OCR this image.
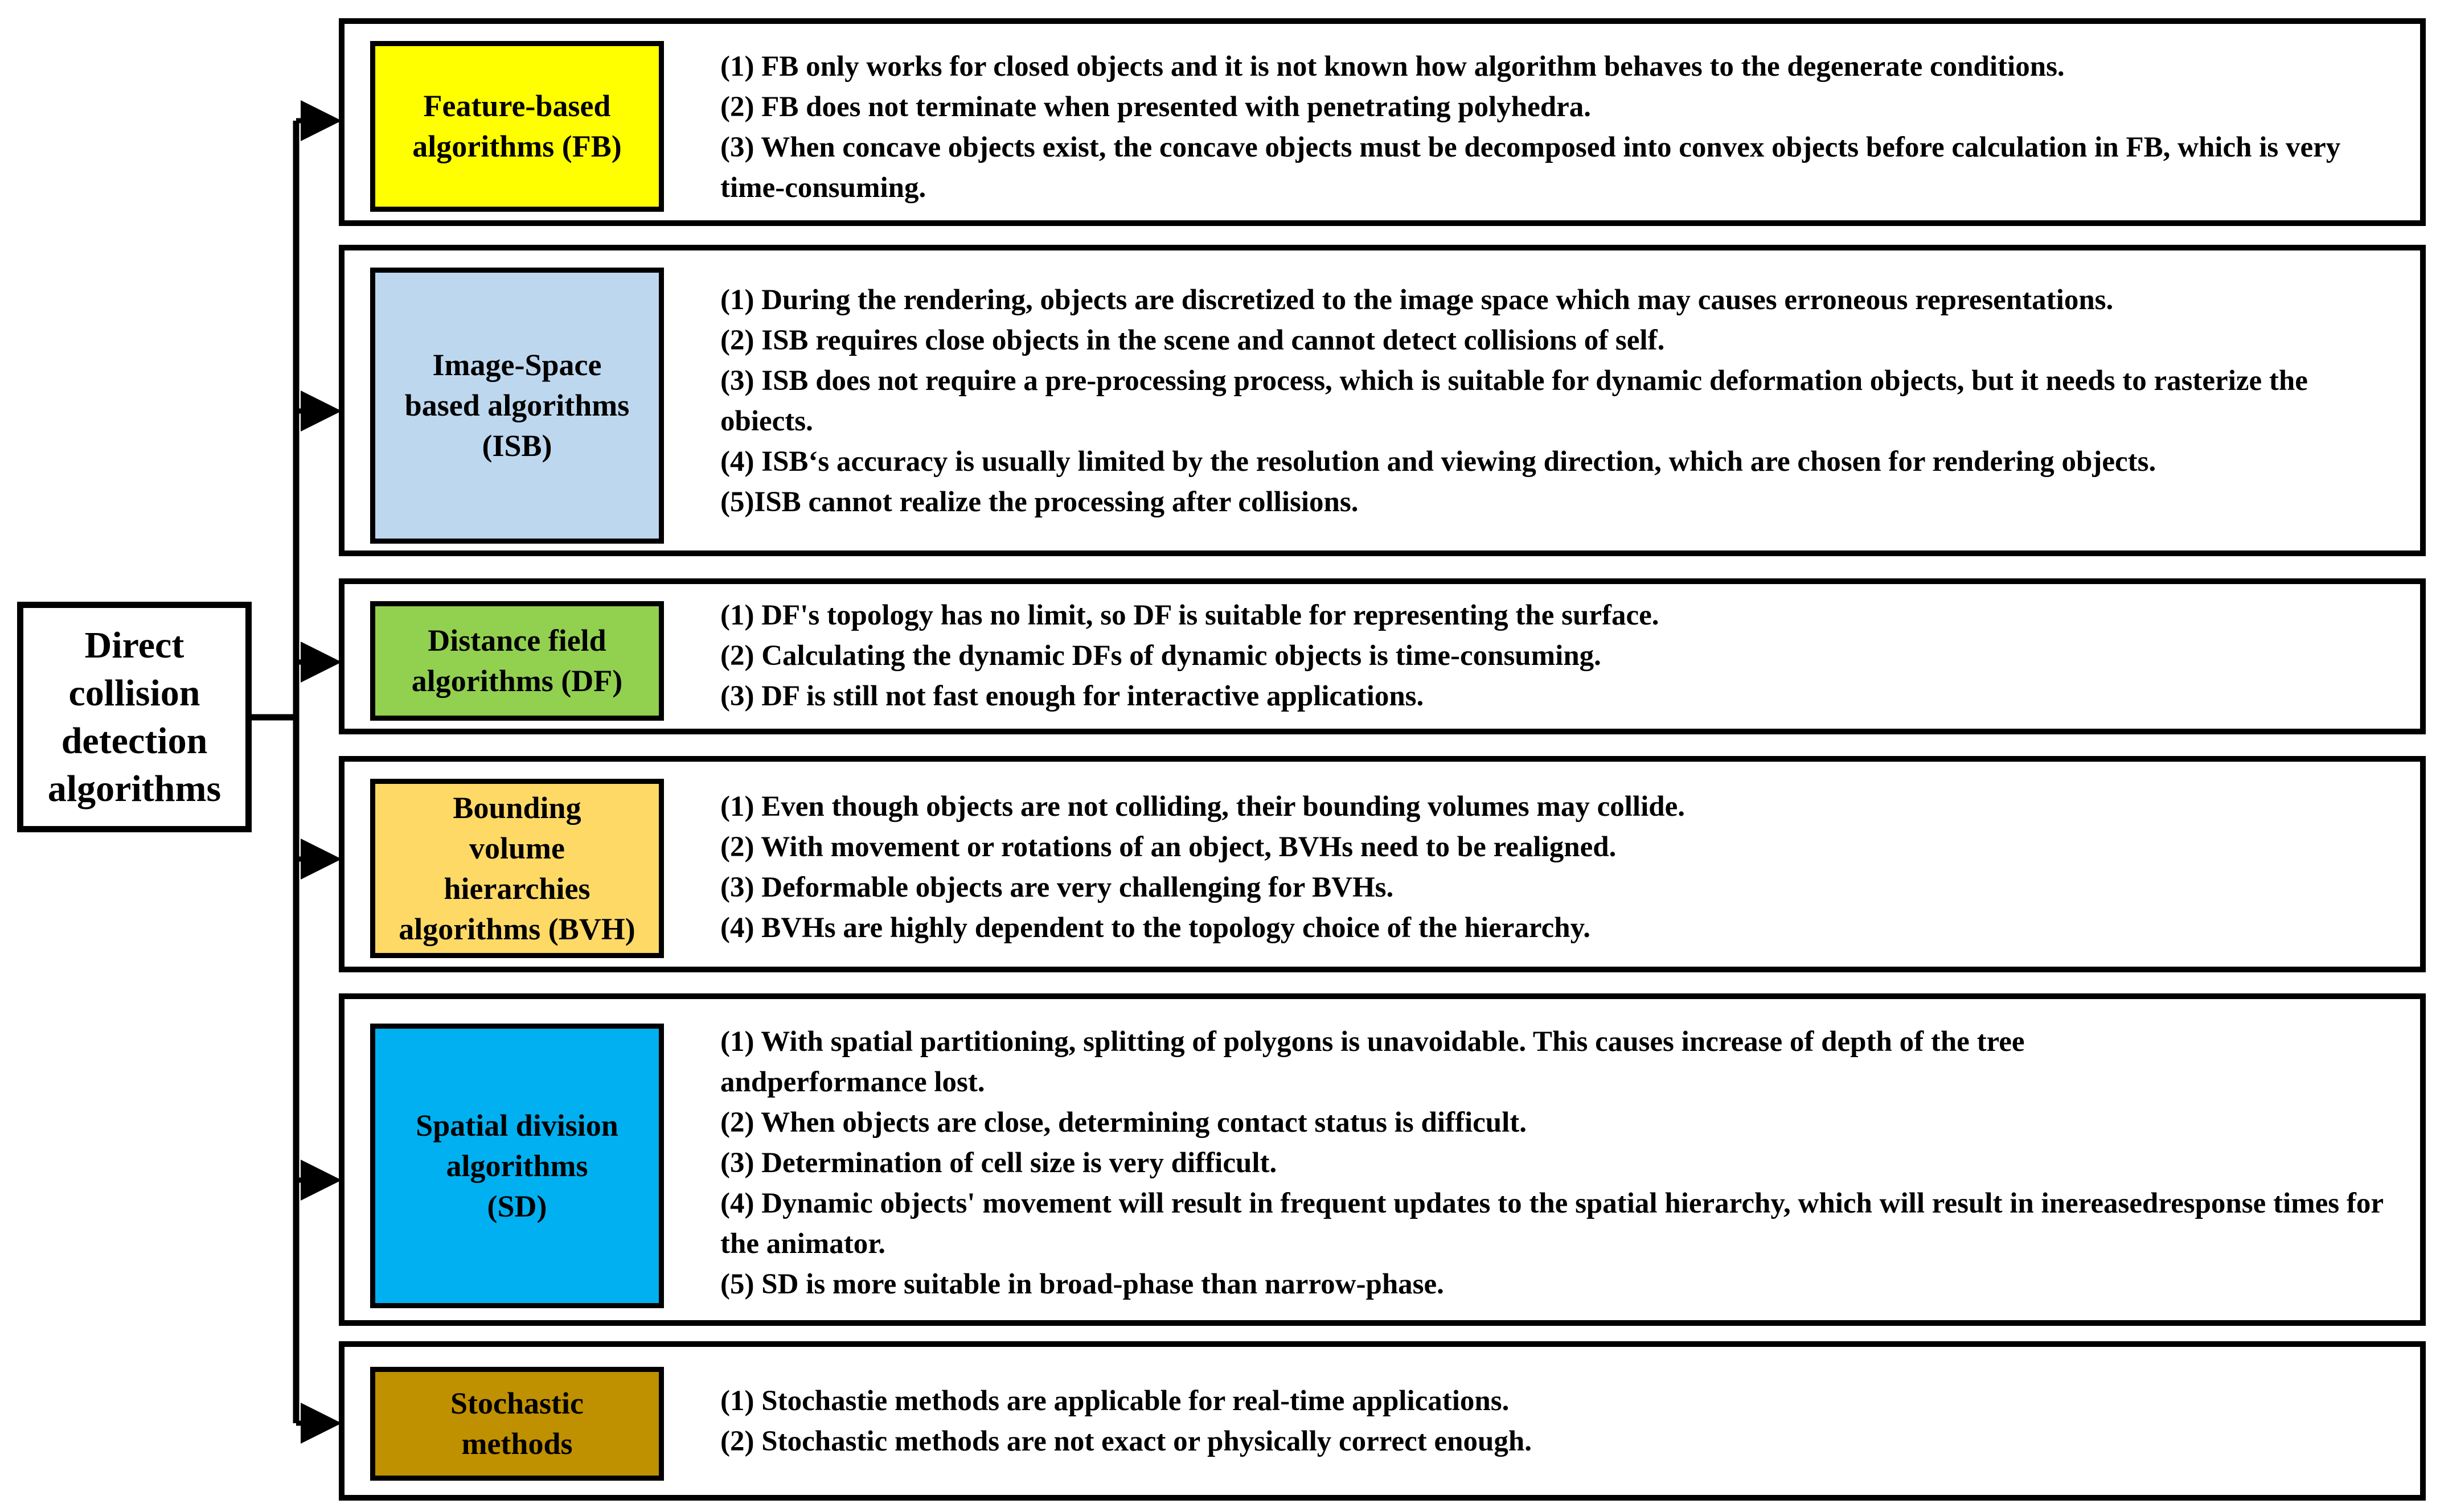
Direct
collision
detection
algorithms
Feature-based
algorithms (FB)
(1) FB only works for closed objects and it is not known how algorithm behaves to the degenerate conditions.
(2) FB does not terminate when presented with penetrating polyhedra.
(3) When concave objects exist, the concave objects must be decomposed into convex objects before calculation in FB, which is very time-consuming.
Image-Space
based algorithms
(ISB)
(1) During the rendering, objects are discretized to the image space which may causes erroneous representations.
(2) ISB requires close objects in the scene and cannot detect collisions of self.
(3) ISB does not require a pre-processing process, which is suitable for dynamic deformation objects, but it needs to rasterize the obiects.
(4) ISB‘s accuracy is usually limited by the resolution and viewing direction, which are chosen for rendering objects.
(5)ISB cannot realize the processing after collisions.
Distance field
algorithms (DF)
(1) DF's topology has no limit, so DF is suitable for representing the surface.
(2) Calculating the dynamic DFs of dynamic objects is time-consuming.
(3) DF is still not fast enough for interactive applications.
Bounding
volume
hierarchies
algorithms (BVH)
(1) Even though objects are not colliding, their bounding volumes may collide.
(2) With movement or rotations of an object, BVHs need to be realigned.
(3) Deformable objects are very challenging for BVHs.
(4) BVHs are highly dependent to the topology choice of the hierarchy.
Spatial division
algorithms
(SD)
(1) With spatial partitioning, splitting of polygons is unavoidable. This causes increase of depth of the tree
andperformance lost.
(2) When objects are close, determining contact status is difficult.
(3) Determination of cell size is very difficult.
(4) Dynamic objects' movement will result in frequent updates to the spatial hierarchy, which will result in inereasedresponse times for the animator.
(5) SD is more suitable in broad-phase than narrow-phase.
Stochastic
methods
(1) Stochastie methods are applicable for real-time applications.
(2) Stochastic methods are not exact or physically correct enough.
